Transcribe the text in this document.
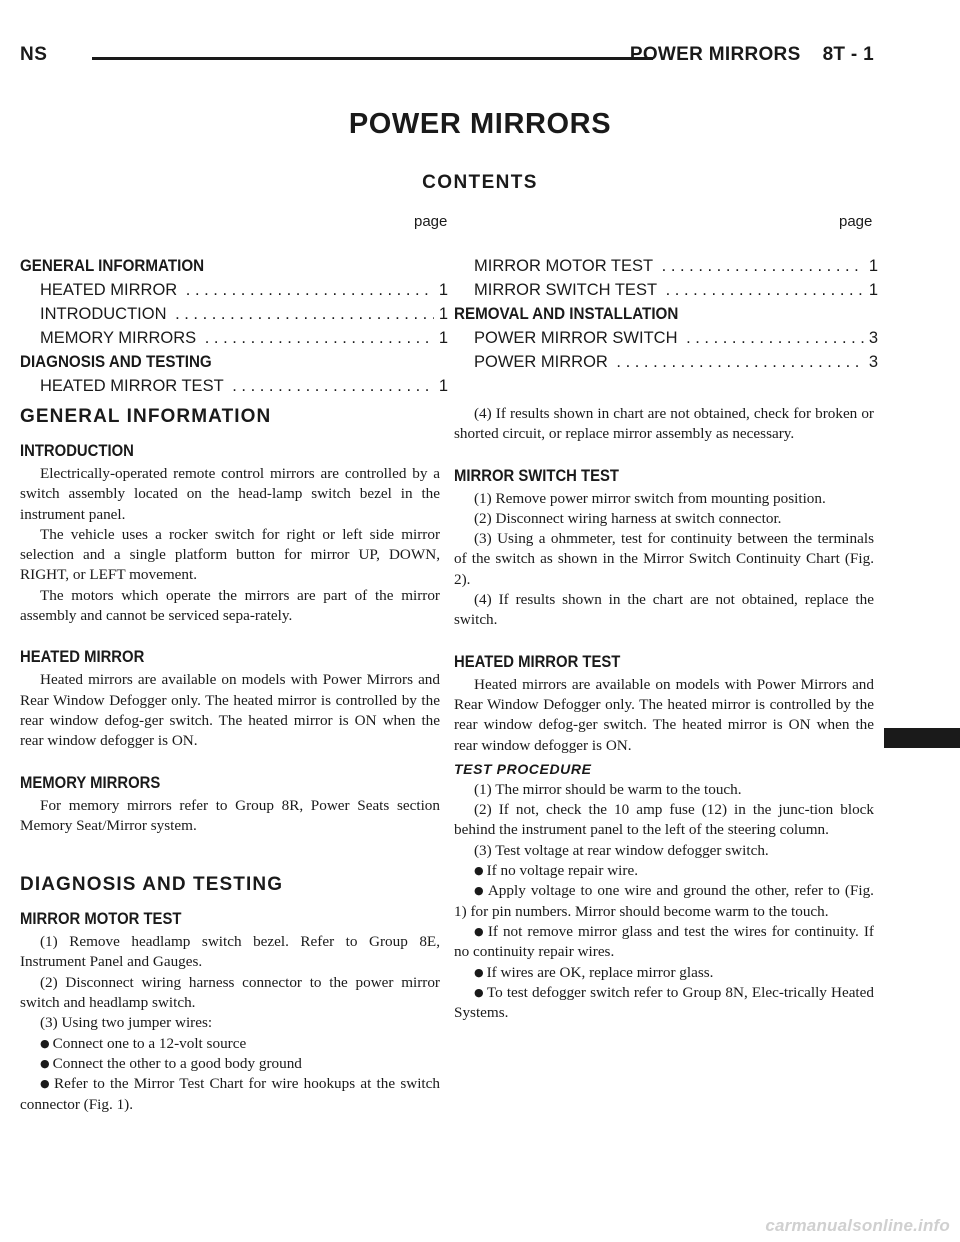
NS	POWER MIRRORS 8T - 1
POWER MIRRORS
CONTENTS
page	page
GENERAL INFORMATION
HEATED MIRROR . . .	1
INTRODUCTION . . .	1
MEMORY MIRRORS . . .	1
DIAGNOSIS AND TESTING
HEATED MIRROR TEST . . .	1
MIRROR MOTOR TEST . . .	1
MIRROR SWITCH TEST . . .	1
REMOVAL AND INSTALLATION
POWER MIRROR SWITCH . . .	3
POWER MIRROR . . .	3
GENERAL INFORMATION
INTRODUCTION

Electrically-operated remote control mirrors are controlled by a switch assembly located on the head-lamp switch bezel in the instrument panel.

The vehicle uses a rocker switch for right or left side mirror selection and a single platform button for mirror UP, DOWN, RIGHT, or LEFT movement.

The motors which operate the mirrors are part of the mirror assembly and cannot be serviced sepa-rately.

HEATED MIRROR

Heated mirrors are available on models with Power Mirrors and Rear Window Defogger only. The heated mirror is controlled by the rear window defog-ger switch. The heated mirror is ON when the rear window defogger is ON.

MEMORY MIRRORS

For memory mirrors refer to Group 8R, Power Seats section Memory Seat/Mirror system.

DIAGNOSIS AND TESTING
MIRROR MOTOR TEST

(1) Remove headlamp switch bezel. Refer to Group 8E, Instrument Panel and Gauges.

(2) Disconnect wiring harness connector to the power mirror switch and headlamp switch.

(3) Using two jumper wires:

● Connect one to a 12-volt source

● Connect the other to a good body ground

● Refer to the Mirror Test Chart for wire hookups at the switch connector (Fig. 1).

(4) If results shown in chart are not obtained, check for broken or shorted circuit, or replace mirror assembly as necessary.

MIRROR SWITCH TEST

(1) Remove power mirror switch from mounting position.

(2) Disconnect wiring harness at switch connector.

(3) Using a ohmmeter, test for continuity between the terminals of the switch as shown in the Mirror Switch Continuity Chart (Fig. 2).

(4) If results shown in the chart are not obtained, replace the switch.

HEATED MIRROR TEST

Heated mirrors are available on models with Power Mirrors and Rear Window Defogger only. The heated mirror is controlled by the rear window defog-ger switch. The heated mirror is ON when the rear window defogger is ON.

TEST PROCEDURE

(1) The mirror should be warm to the touch.

(2) If not, check the 10 amp fuse (12) in the junc-tion block behind the instrument panel to the left of the steering column.

(3) Test voltage at rear window defogger switch.

● If no voltage repair wire.

● Apply voltage to one wire and ground the other, refer to (Fig. 1) for pin numbers. Mirror should become warm to the touch.

● If not remove mirror glass and test the wires for continuity. If no continuity repair wires.

● If wires are OK, replace mirror glass.

● To test defogger switch refer to Group 8N, Elec-trically Heated Systems.

carmanualsonline.info
